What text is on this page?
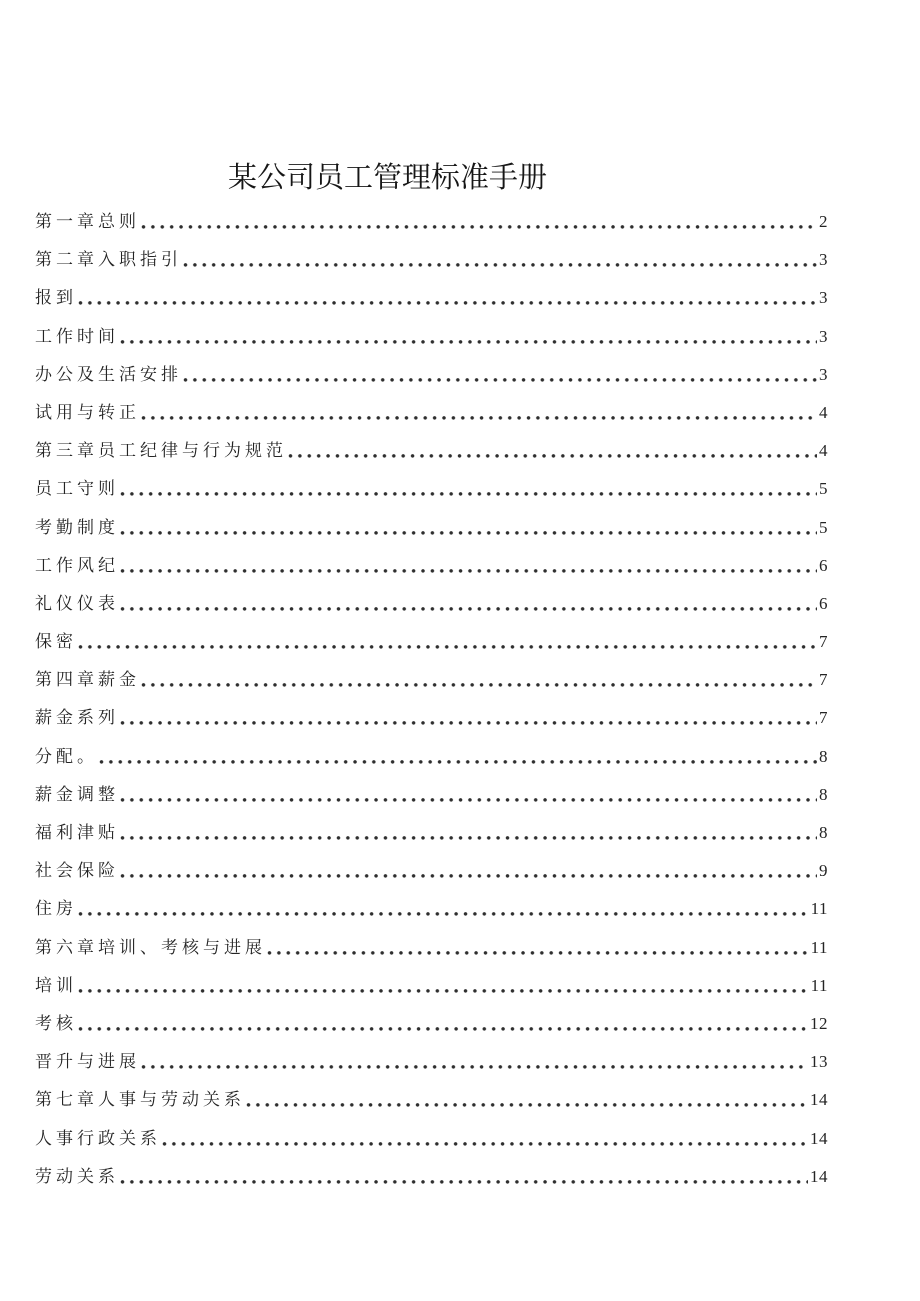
某公司员工管理标准手册
第一章总则	2
第二章入职指引	3
报到	3
工作时间	3
办公及生活安排	3
试用与转正	4
第三章员工纪律与行为规范	4
员工守则	5
考勤制度	5
工作风纪	6
礼仪仪表	6
保密	7
第四章薪金	7
薪金系列	7
分配。	8
薪金调整	8
福利津贴	8
社会保险	9
住房	11
第六章培训、考核与进展	11
培训	11
考核	12
晋升与进展	13
第七章人事与劳动关系	14
人事行政关系	14
劳动关系	14
